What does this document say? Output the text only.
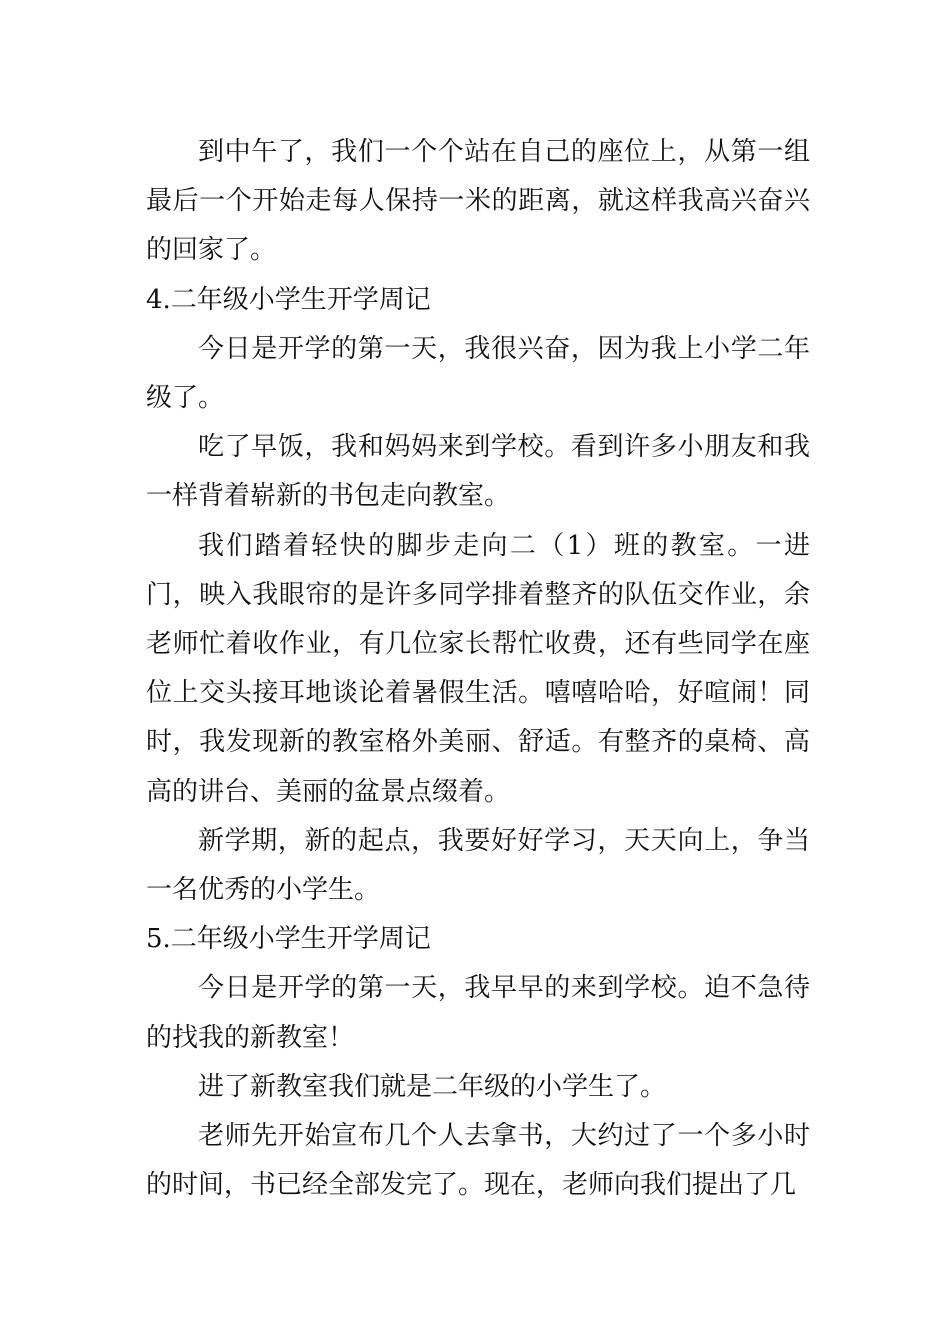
到中午了，我们一个个站在自己的座位上，从第一组最后一个开始走每人保持一米的距离，就这样我高兴奋兴的回家了。

4.二年级小学生开学周记

今日是开学的第一天，我很兴奋，因为我上小学二年级了。

吃了早饭，我和妈妈来到学校。看到许多小朋友和我一样背着崭新的书包走向教室。

我们踏着轻快的脚步走向二（1）班的教室。一进门，映入我眼帘的是许多同学排着整齐的队伍交作业，余老师忙着收作业，有几位家长帮忙收费，还有些同学在座位上交头接耳地谈论着暑假生活。嘻嘻哈哈，好喧闹！同时，我发现新的教室格外美丽、舒适。有整齐的桌椅、高高的讲台、美丽的盆景点缀着。

新学期，新的起点，我要好好学习，天天向上，争当一名优秀的小学生。

5.二年级小学生开学周记

今日是开学的第一天，我早早的来到学校。迫不急待的找我的新教室！

进了新教室我们就是二年级的小学生了。

老师先开始宣布几个人去拿书，大约过了一个多小时的时间，书已经全部发完了。现在，老师向我们提出了几
